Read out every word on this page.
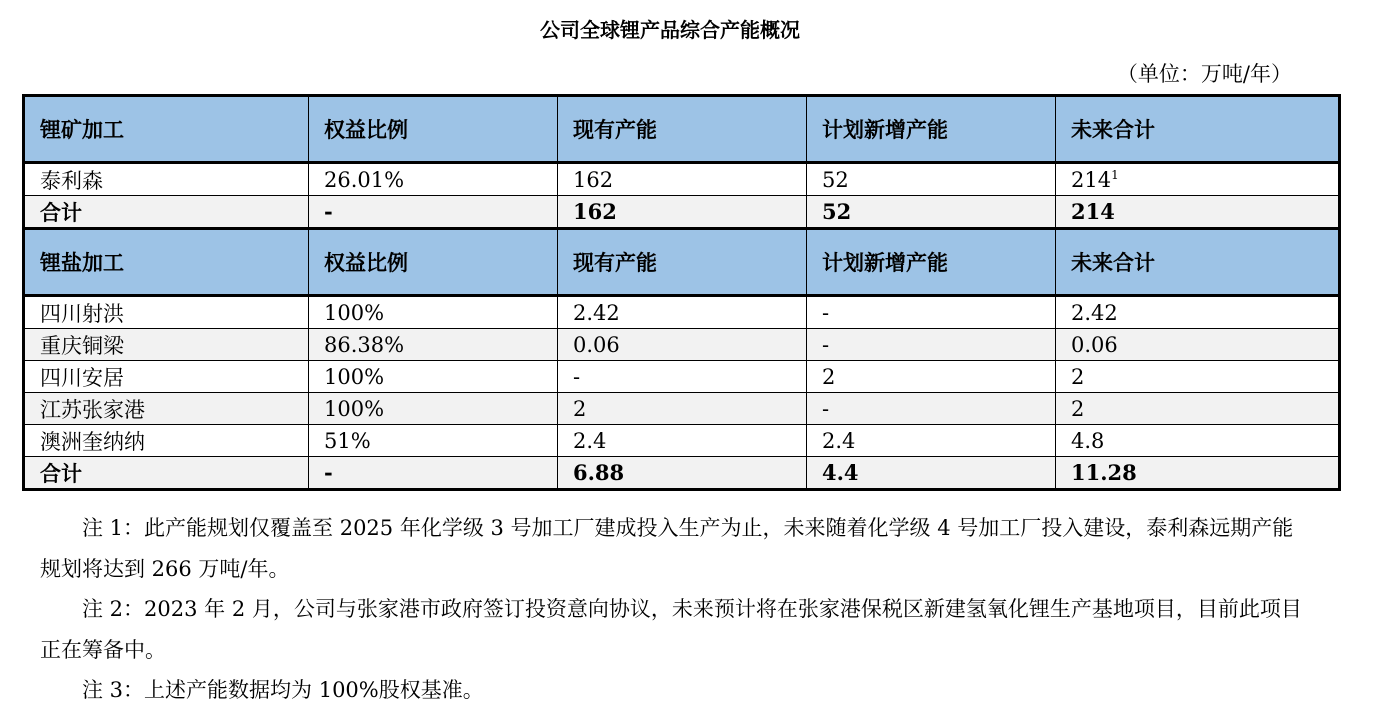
公司全球锂产品综合产能概况
（单位：万吨/年）
锂矿加工	权益比例	现有产能	计划新增产能	未来合计
泰利森	26.01%	162	52	$214^1$
合计	-	162	52	214
锂盐加工	权益比例	现有产能	计划新增产能	未来合计
四川射洪	100%	2.42	-	2.42
重庆铜梁	86.38%	0.06	-	0.06
四川安居	100%	-	2	2
江苏张家港	100%	2	-	2
澳洲奎纳纳	51%	2.4	2.4	4.8
合计	-	6.88	4.4	11.28

注 1：此产能规划仅覆盖至 2025 年化学级 3 号加工厂建成投入生产为止，未来随着化学级 4 号加工厂投入建设，泰利森远期产能规划将达到 266 万吨/年。

注 2：2023 年 2 月，公司与张家港市政府签订投资意向协议，未来预计将在张家港保税区新建氢氧化锂生产基地项目，目前此项目正在筹备中。

注 3：上述产能数据均为 100%股权基准。
